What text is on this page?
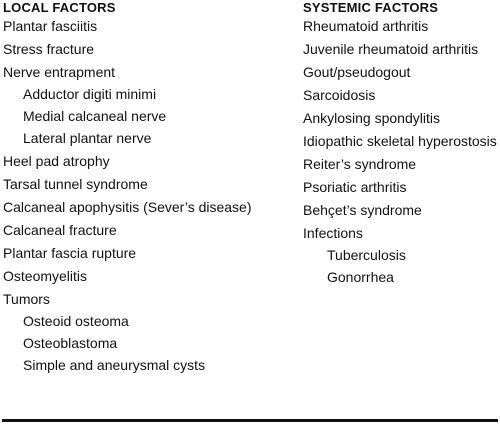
LOCAL FACTORS
Plantar fasciitis
Stress fracture
Nerve entrapment
Adductor digiti minimi
Medial calcaneal nerve
Lateral plantar nerve
Heel pad atrophy
Tarsal tunnel syndrome
Calcaneal apophysitis (Sever’s disease)
Calcaneal fracture
Plantar fascia rupture
Osteomyelitis
Tumors
Osteoid osteoma
Osteoblastoma
Simple and aneurysmal cysts
SYSTEMIC FACTORS
Rheumatoid arthritis
Juvenile rheumatoid arthritis
Gout/pseudogout
Sarcoidosis
Ankylosing spondylitis
Idiopathic skeletal hyperostosis
Reiter’s syndrome
Psoriatic arthritis
Behçet’s syndrome
Infections
Tuberculosis
Gonorrhea
